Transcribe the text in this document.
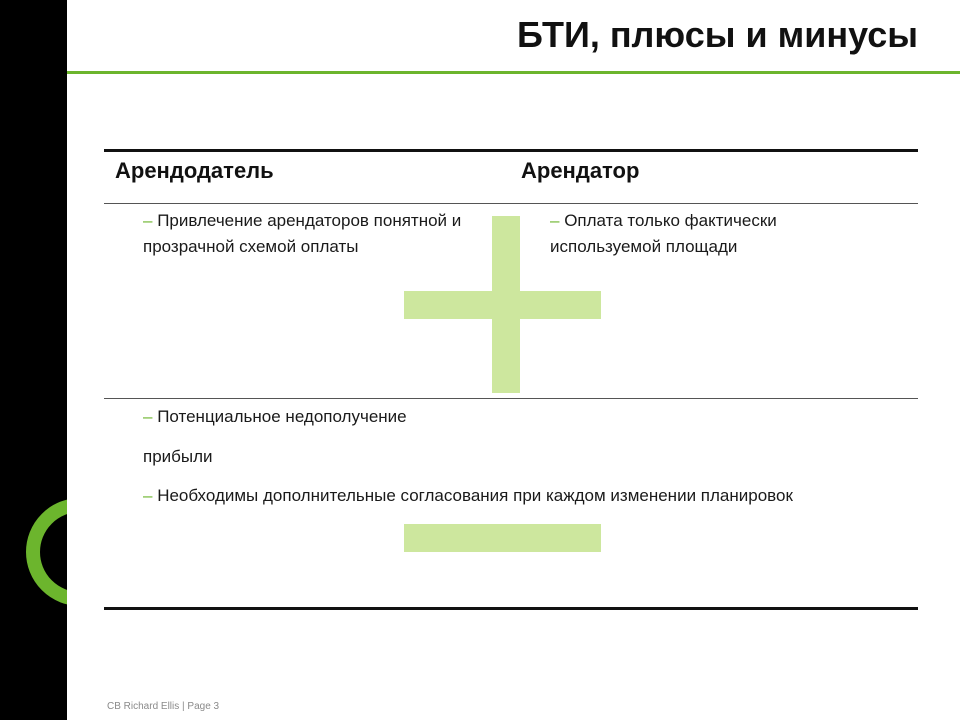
БТИ, плюсы и минусы
Арендодатель	Арендатор
– Привлечение арендаторов понятной и прозрачной схемой оплаты
– Оплата только фактически используемой площади
– Потенциальное недополучение
прибыли
– Необходимы дополнительные согласования при каждом изменении планировок
CB Richard Ellis | Page 3
